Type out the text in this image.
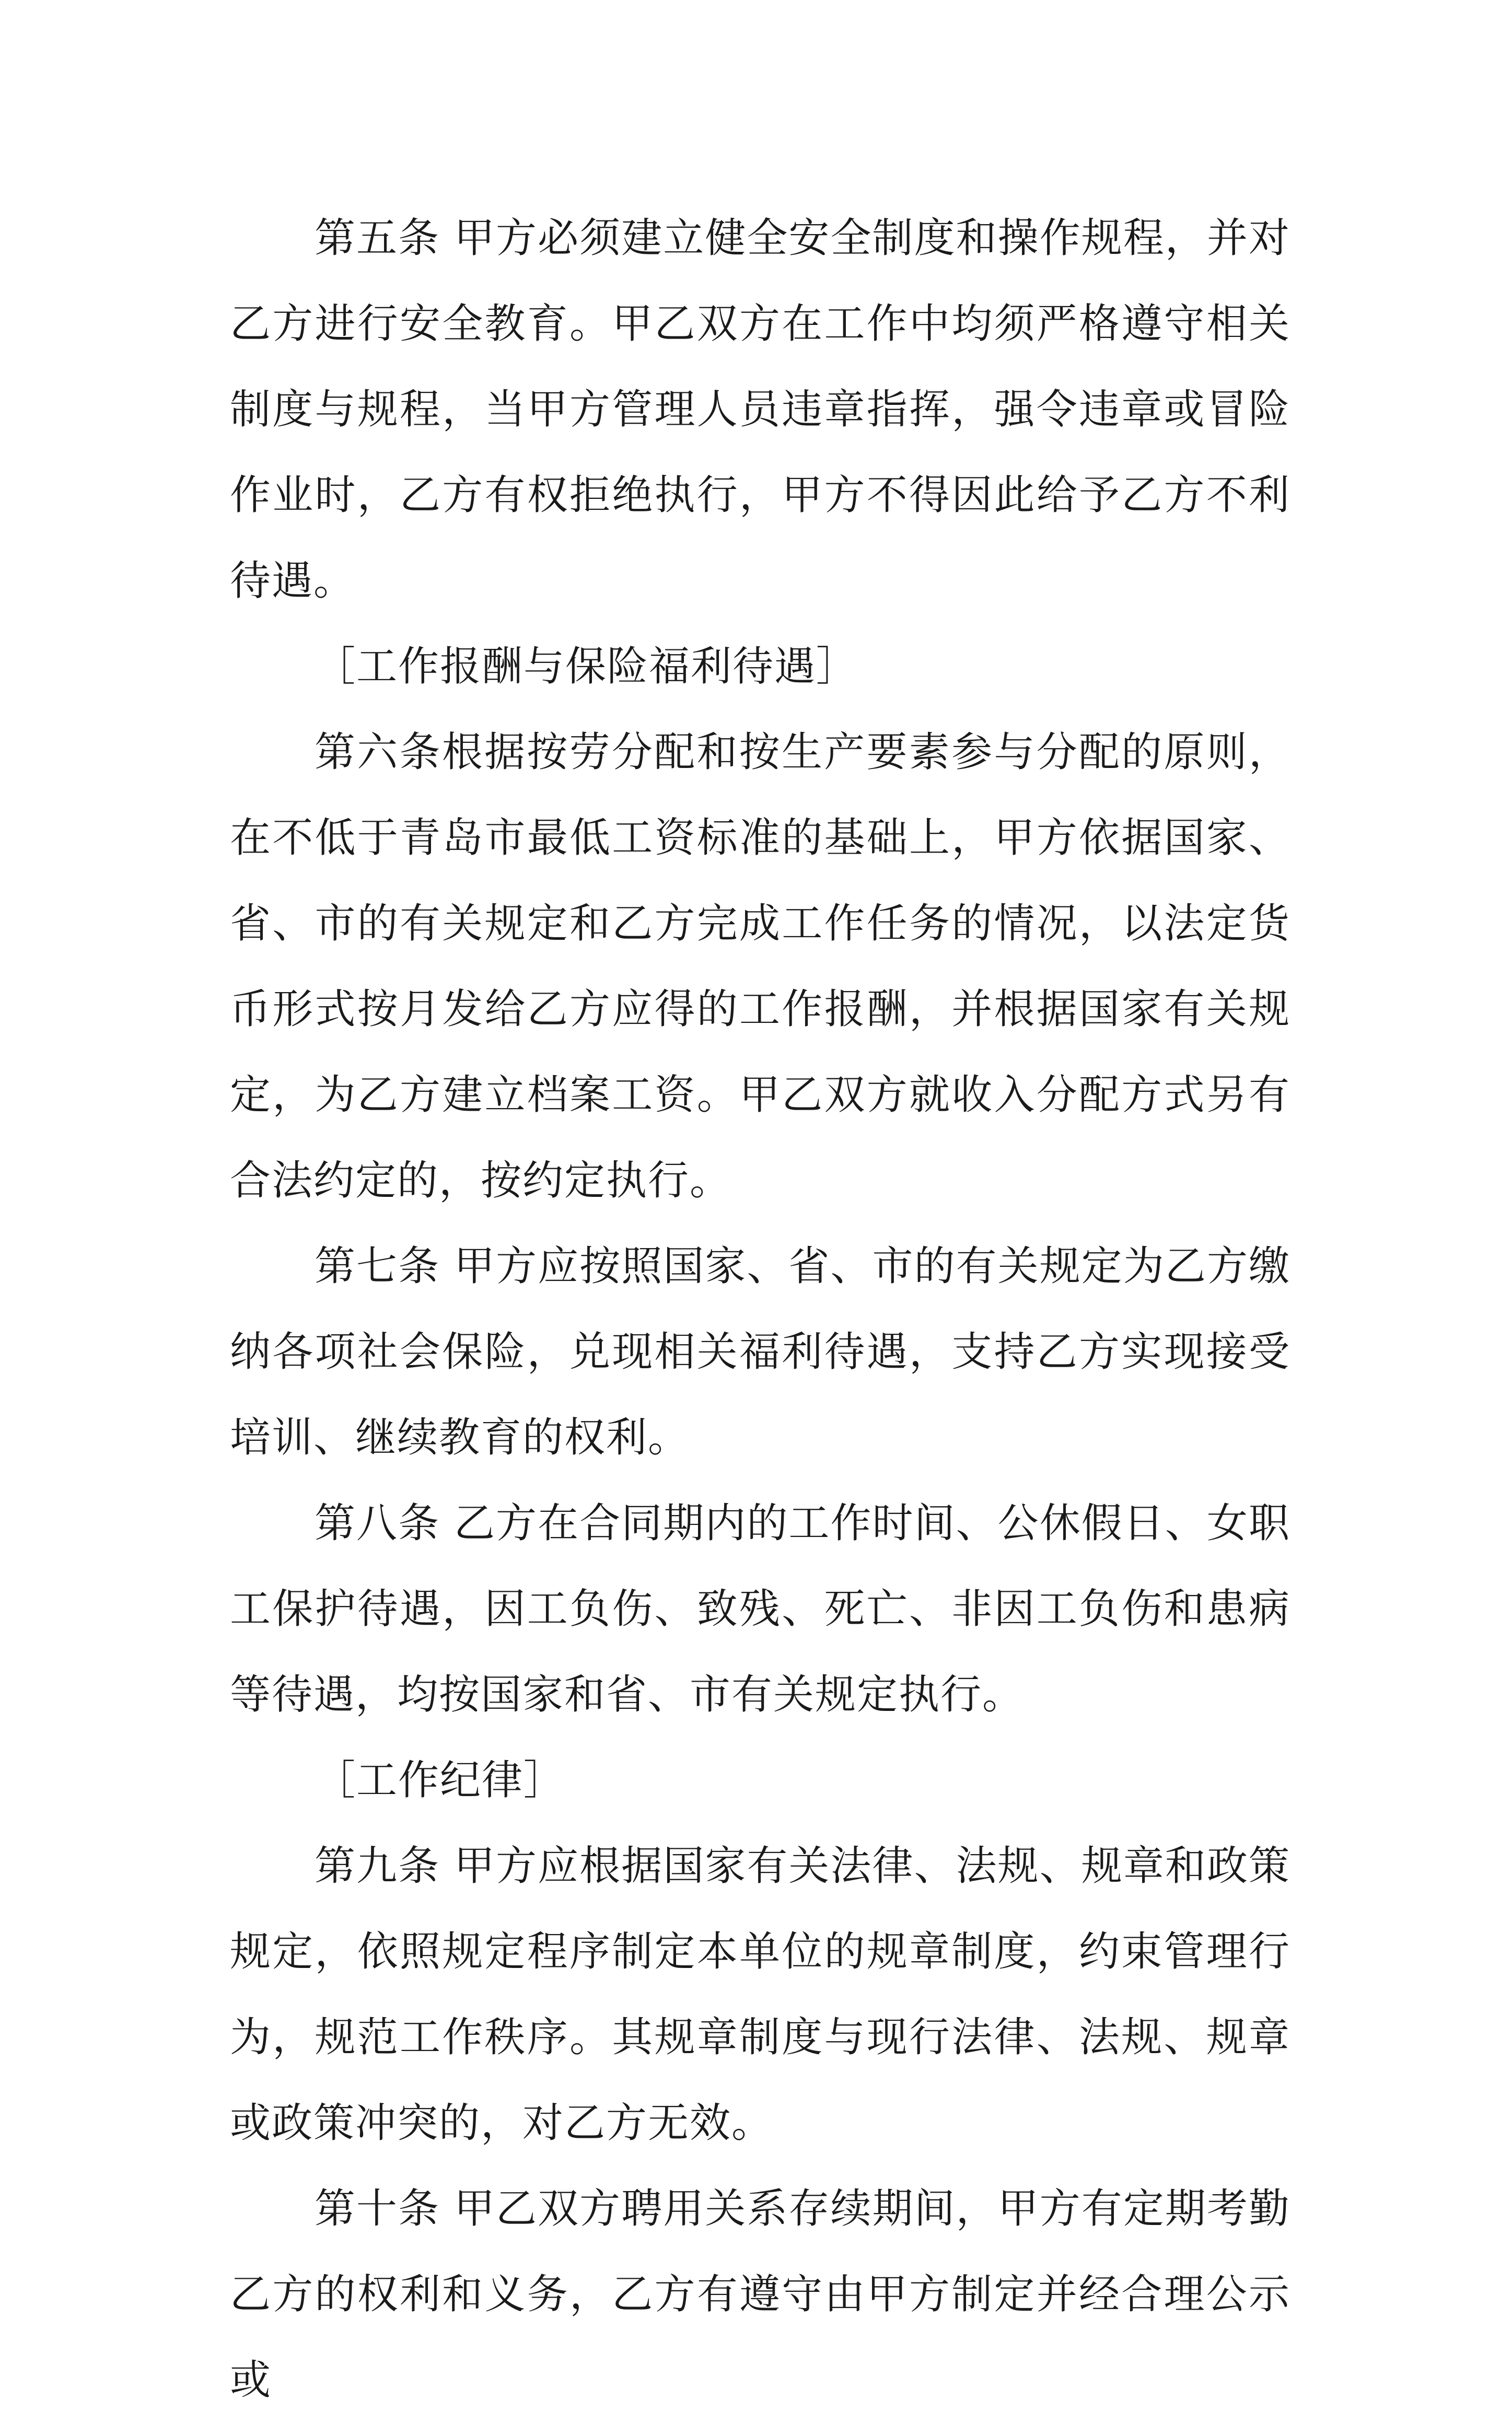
第五条 甲方必须建立健全安全制度和操作规程，并对乙方进行安全教育。甲乙双方在工作中均须严格遵守相关制度与规程，当甲方管理人员违章指挥，强令违章或冒险作业时，乙方有权拒绝执行，甲方不得因此给予乙方不利待遇。

［工作报酬与保险福利待遇］

第六条根据按劳分配和按生产要素参与分配的原则，在不低于青岛市最低工资标准的基础上，甲方依据国家、省、市的有关规定和乙方完成工作任务的情况，以法定货币形式按月发给乙方应得的工作报酬，并根据国家有关规定，为乙方建立档案工资。甲乙双方就收入分配方式另有合法约定的，按约定执行。

第七条 甲方应按照国家、省、市的有关规定为乙方缴纳各项社会保险，兑现相关福利待遇，支持乙方实现接受培训、继续教育的权利。

第八条 乙方在合同期内的工作时间、公休假日、女职工保护待遇，因工负伤、致残、死亡、非因工负伤和患病等待遇，均按国家和省、市有关规定执行。

［工作纪律］

第九条 甲方应根据国家有关法律、法规、规章和政策规定，依照规定程序制定本单位的规章制度，约束管理行为，规范工作秩序。其规章制度与现行法律、法规、规章或政策冲突的，对乙方无效。

第十条 甲乙双方聘用关系存续期间，甲方有定期考勤乙方的权利和义务，乙方有遵守由甲方制定并经合理公示或
